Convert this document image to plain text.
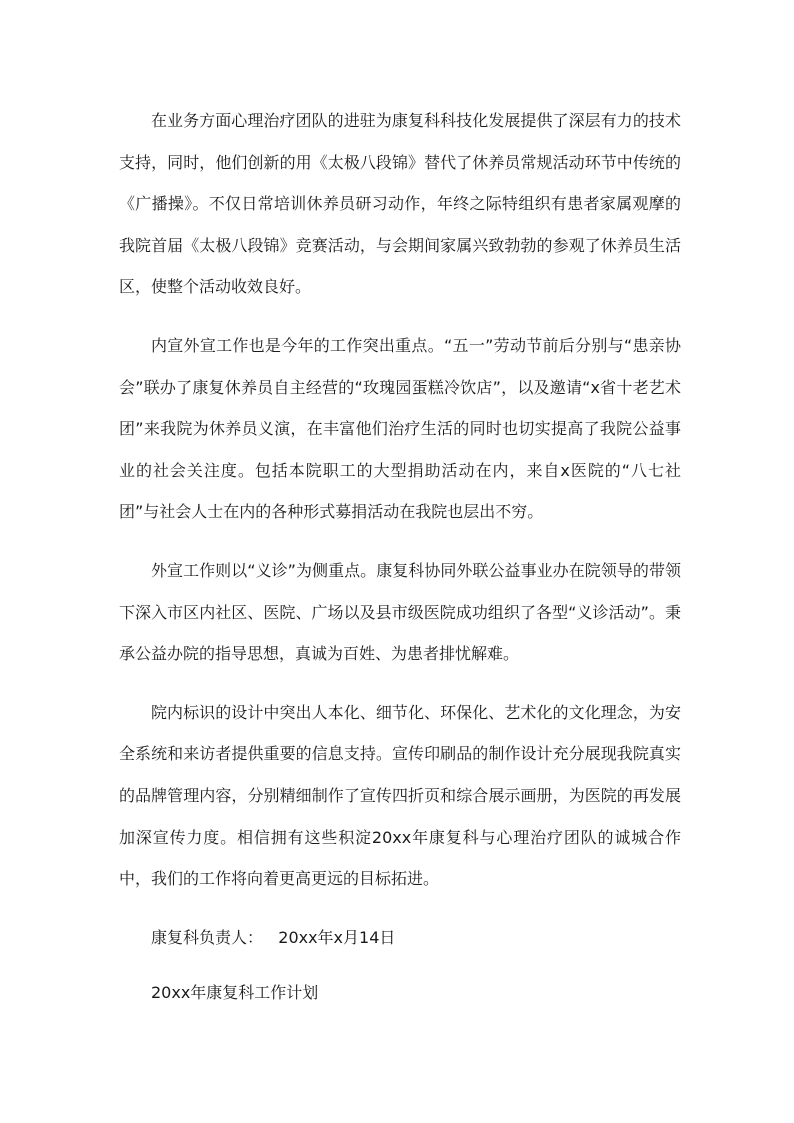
在业务方面心理治疗团队的进驻为康复科科技化发展提供了深层有力的技术支持，同时，他们创新的用《太极八段锦》替代了休养员常规活动环节中传统的《广播操》。不仅日常培训休养员研习动作，年终之际特组织有患者家属观摩的我院首届《太极八段锦》竞赛活动，与会期间家属兴致勃勃的参观了休养员生活区，使整个活动收效良好。

内宣外宣工作也是今年的工作突出重点。“五一”劳动节前后分别与“患亲协会”联办了康复休养员自主经营的“玫瑰园蛋糕冷饮店”，以及邀请“x省十老艺术团”来我院为休养员义演，在丰富他们治疗生活的同时也切实提高了我院公益事业的社会关注度。包括本院职工的大型捐助活动在内，来自x医院的“八七社团”与社会人士在内的各种形式募捐活动在我院也层出不穷。

外宣工作则以“义诊”为侧重点。康复科协同外联公益事业办在院领导的带领下深入市区内社区、医院、广场以及县市级医院成功组织了各型“义诊活动”。秉承公益办院的指导思想，真诚为百姓、为患者排忧解难。

院内标识的设计中突出人本化、细节化、环保化、艺术化的文化理念，为安全系统和来访者提供重要的信息支持。宣传印刷品的制作设计充分展现我院真实的品牌管理内容，分别精细制作了宣传四折页和综合展示画册，为医院的再发展加深宣传力度。相信拥有这些积淀20xx年康复科与心理治疗团队的诚城合作中，我们的工作将向着更高更远的目标拓进。

康复科负责人：   20xx年x月14日

20xx年康复科工作计划
